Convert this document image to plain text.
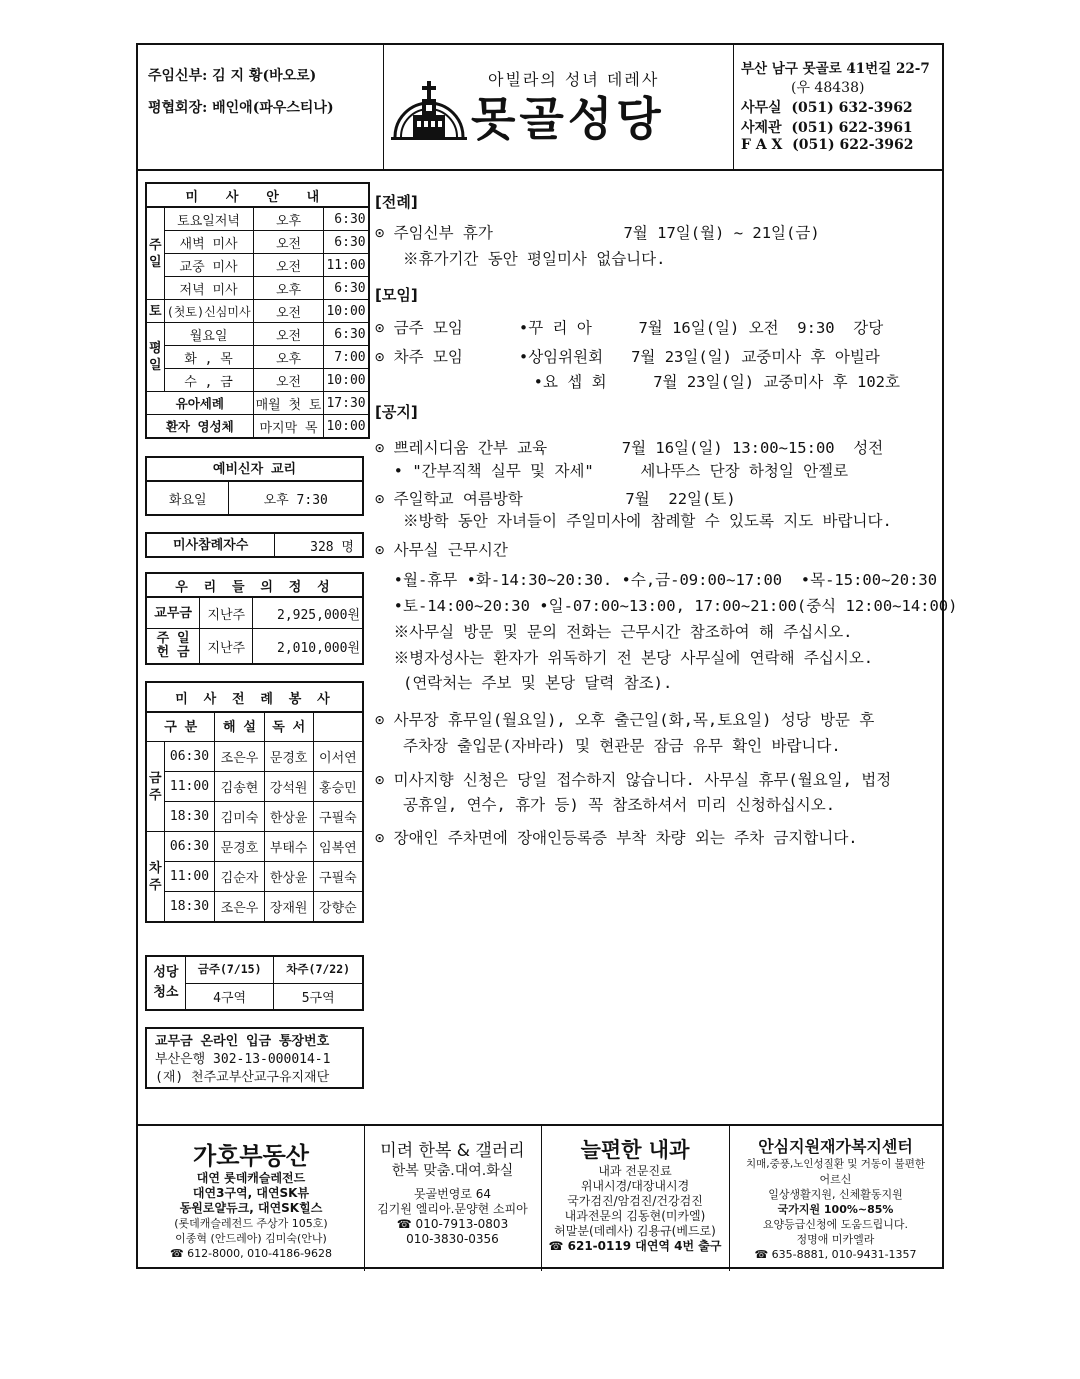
주임신부: 김 지 황(바오로)
평협회장: 배인애(파우스티나)
아빌라의 성녀 데레사
못골성당
부산 남구 못골로 41번길 22-7
(우 48438)
사무실 (051) 632-3962
사제관 (051) 622-3961
F A X (051) 622-3962
미 사 안 내			
주일	토요일저녁	오후	6:30
	새벽 미사	오전	6:30
	교중 미사	오전	11:00
	저녁 미사	오후	6:30
토	(첫토)신심미사	오전	10:00
평일	월요일	오전	6:30
	화 , 목	오후	7:00
	수 , 금	오전	10:00
유아세례		매월 첫 토	17:30
환자 영성체		마지막 목	10:00
예비신자 교리
화요일	오후 7:30
미사참례자수	328 명
우 리 들 의 정 성		
교무금	지난주	2,925,000원
주 일
헌 금	지난주	2,010,000원
미 사 전 례 봉 사				
구 분		해 설	독 서	
금주	06:30	조은우	문경호	이서연
	11:00	김송현	강석원	홍승민
	18:30	김미숙	한상윤	구필숙
차주	06:30	문경호	부태수	임복연
	11:00	김순자	한상윤	구필숙
	18:30	조은우	장재원	강향순
성당
청소	금주(7/15)	차주(7/22)
	4구역	5구역
교무금 온라인 입금 통장번호
부산은행 302-13-000014-1
(재) 천주교부산교구유지재단
[전례]
⊙ 주임신부 휴가              7월 17일(월) ~ 21일(금)
※휴가기간 동안 평일미사 없습니다.
[모임]
⊙ 금주 모임      •꾸 리 아     7월 16일(일) 오전  9:30  강당
⊙ 차주 모임      •상임위원회   7월 23일(일) 교중미사 후 아빌라
•요 셉 회     7월 23일(일) 교중미사 후 102호
[공지]
⊙ 쁘레시디움 간부 교육        7월 16일(일) 13:00~15:00  성전
• "간부직책 실무 및 자세"     세나뚜스 단장 하청일 안젤로
⊙ 주일학교 여름방학           7월  22일(토)
※방학 동안 자녀들이 주일미사에 참례할 수 있도록 지도 바랍니다.
⊙ 사무실 근무시간
•월-휴무 •화-14:30~20:30. •수,금-09:00~17:00  •목-15:00~20:30
•토-14:00~20:30 •일-07:00~13:00, 17:00~21:00(중식 12:00~14:00)
※사무실 방문 및 문의 전화는 근무시간 참조하여 해 주십시오.
※병자성사는 환자가 위독하기 전 본당 사무실에 연락해 주십시오.
(연락처는 주보 및 본당 달력 참조).
⊙ 사무장 휴무일(월요일), 오후 출근일(화,목,토요일) 성당 방문 후
주차장 출입문(자바라) 및 현관문 잠금 유무 확인 바랍니다.
⊙ 미사지향 신청은 당일 접수하지 않습니다. 사무실 휴무(월요일, 법정
공휴일, 연수, 휴가 등) 꼭 참조하셔서 미리 신청하십시오.
⊙ 장애인 주차면에 장애인등록증 부착 차량 외는 주차 금지합니다.
가호부동산
대연 롯데캐슬레전드
대연3구역, 대연SK뷰
동원로얄듀크, 대연SK힐스
(롯데캐슬레전드 주상가 105호)
이종혁 (안드레아) 김미숙(안나)
☎ 612-8000, 010-4186-9628
미려 한복 & 갤러리
한복 맞춤.대여.화실
못골번영로 64
김기원 엘리아.문양현 소피아
☎ 010-7913-0803
010-3830-0356
늘편한 내과
내과 전문진료
위내시경/대장내시경
국가검진/암검진/건강검진
내과전문의 김동현(미카엘)
허말분(데레사) 김용규(베드로)
☎ 621-0119 대연역 4번 출구
안심지원재가복지센터
치매,중풍,노인성질환 및 거동이 불편한
어르신
일상생활지원, 신체활동지원
국가지원 100%~85%
요양등급신청에 도움드립니다.
정명애 미카엘라
☎ 635-8881, 010-9431-1357
